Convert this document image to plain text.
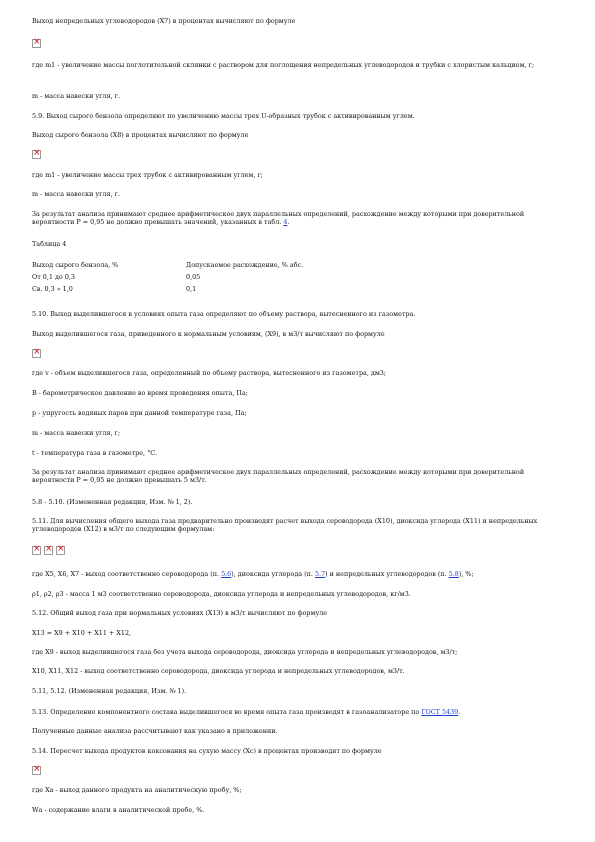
Выход непредельных углеводородов (Х7) в процентах вычисляют по формуле
×
где m1 - увеличение массы поглотительной склянки с раствором для поглощения непредельных углеводородов и трубки с хлористым кальцием, г;
m - масса навески угля, г.
5.9. Выход сырого бензола определяют по увеличению массы трех U-образных трубок с активированным углем.
Выход сырого бензола (Х8) в процентах вычисляют по формуле
×
где m1 - увеличение массы трех трубок с активированным углем, г;
m - масса навески угля, г.
За результат анализа принимают среднее арифметическое двух параллельных определений, расхождение между которыми при доверительной вероятности Р = 0,95 не должно превышать значений, указанных в табл. 4.
Таблица 4
Выход сырого бензола, %	Допускаемое расхождение, % абс.
От 0,1 до 0,3	0,05
Св. 0,3 » 1,0	0,1
5.10. Выход выделившегося в условиях опыта газа определяют по объему раствора, вытесненного из газометра.
Выход выделившегося газа, приведенного к нормальным условиям, (Х9), в м3/т вычисляют по формуле
×
где v - объем выделившегося газа, определенный по объему раствора, вытесненного из газометра, дм3;
В - барометрическое давление во время проведения опыта, Па;
р - упругость водяных паров при данной температуре газа, Па;
m - масса навески угля, г;
t - температура газа в газометре, °С.
За результат анализа принимают среднее арифметическое двух параллельных определений, расхождение между которыми при доверительной вероятности Р = 0,95 не должно превышать 5 м3/т.
5.8 - 5.10. (Измененная редакция, Изм. № 1, 2).
5.11. Для вычисления общего выхода газа предварительно производят расчет выхода сероводорода (Х10), диоксида углерода (Х11) и непредельных углеводородов (Х12) в м3/т по следующим формулам:
×
×
×
где Х5, Х6, Х7 - выход соответственно сероводорода (п. 5.6), диоксида углерода (п. 5.7) и непредельных углеводородов (п. 5.8), %;
ρ1, ρ2, ρ3 - масса 1 м3 соответственно сероводорода, диоксида углерода и непредельных углеводородов, кг/м3.
5.12. Общий выход газа при нормальных условиях (Х13) в м3/т вычисляют по формуле
Х13 = Х9 + Х10 + Х11 + Х12,
где Х9 - выход выделившегося газа без учета выхода сероводорода, диоксида углерода и непредельных углеводородов, м3/т;
Х10, Х11, Х12 - выход соответственно сероводорода, диоксида углерода и непредельных углеводородов, м3/т.
5.11, 5.12. (Измененная редакция, Изм. № 1).
5.13. Определение компонентного состава выделившегося во время опыта газа производят в газоанализаторе по ГОСТ 5439.
Полученные данные анализа рассчитывают как указано в приложении.
5.14. Пересчет выхода продуктов коксования на сухую массу (Хс) в процентах производят по формуле
×
где Ха - выход данного продукта на аналитическую пробу, %;
Wа - содержание влаги в аналитической пробе, %.
